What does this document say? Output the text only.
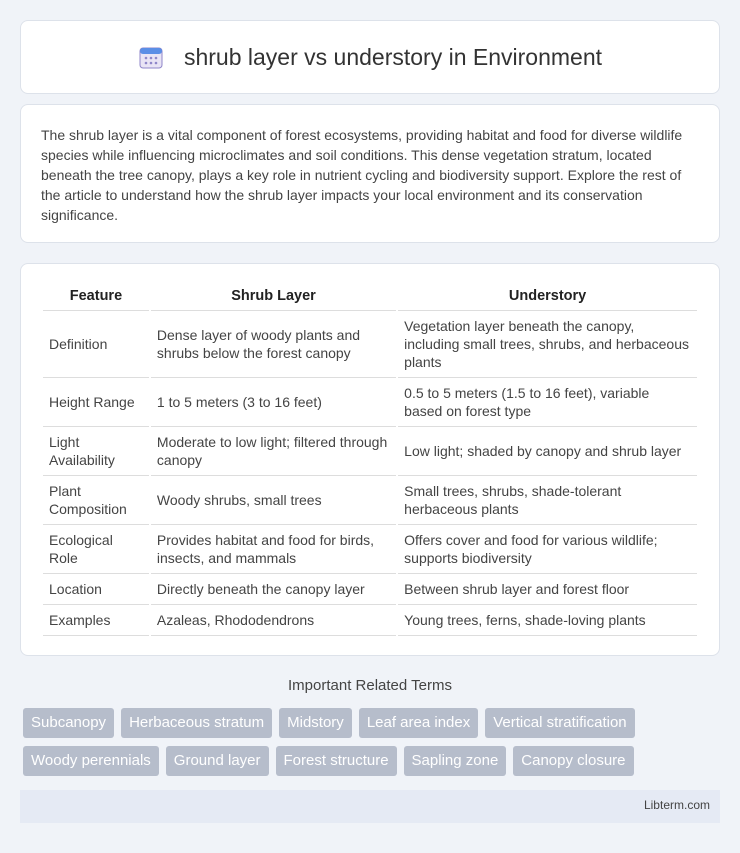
shrub layer vs understory in Environment

The shrub layer is a vital component of forest ecosystems, providing habitat and food for diverse wildlife species while influencing microclimates and soil conditions. This dense vegetation stratum, located beneath the tree canopy, plays a key role in nutrient cycling and biodiversity support. Explore the rest of the article to understand how the shrub layer impacts your local environment and its conservation significance.

Feature	Shrub Layer	Understory
Definition	Dense layer of woody plants and shrubs below the forest canopy	Vegetation layer beneath the canopy, including small trees, shrubs, and herbaceous plants
Height Range	1 to 5 meters (3 to 16 feet)	0.5 to 5 meters (1.5 to 16 feet), variable based on forest type
Light Availability	Moderate to low light; filtered through canopy	Low light; shaded by canopy and shrub layer
Plant Composition	Woody shrubs, small trees	Small trees, shrubs, shade-tolerant herbaceous plants
Ecological Role	Provides habitat and food for birds, insects, and mammals	Offers cover and food for various wildlife; supports biodiversity
Location	Directly beneath the canopy layer	Between shrub layer and forest floor
Examples	Azaleas, Rhododendrons	Young trees, ferns, shade-loving plants
Important Related Terms
Subcanopy	Herbaceous stratum	Midstory	Leaf area index	Vertical stratification
Woody perennials	Ground layer	Forest structure	Sapling zone	Canopy closure
Libterm.com
